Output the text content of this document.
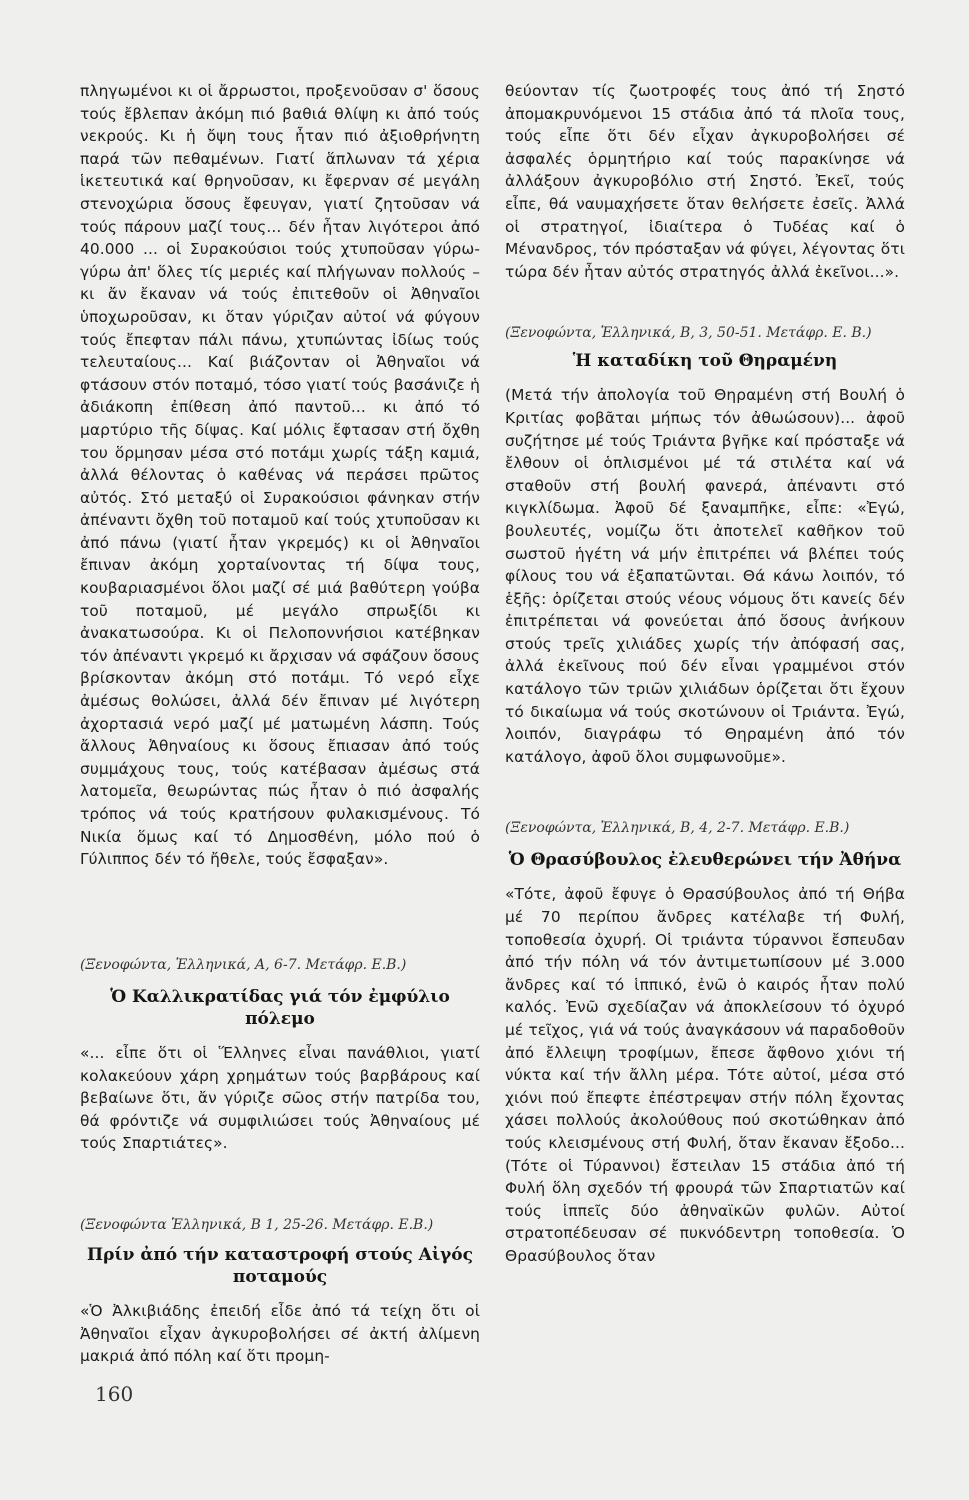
πληγωμένοι κι οἱ ἄρρωστοι, προξενοῦσαν σ' ὅσους τούς ἔβλεπαν ἀκόμη πιό βαθιά θλίψη κι ἀπό τούς νεκρούς. Κι ἡ ὄψη τους ἦταν πιό ἀξιοθρήνητη παρά τῶν πεθαμένων. Γιατί ἅπλωναν τά χέρια ἱκετευτικά καί θρηνοῦσαν, κι ἔφερναν σέ μεγάλη στενοχώρια ὅσους ἔφευγαν, γιατί ζητοῦσαν νά τούς πάρουν μαζί τους... δέν ἦταν λιγότεροι ἀπό 40.000 ... οἱ Συρακούσιοι τούς χτυποῦσαν γύρω-γύρω ἀπ' ὅλες τίς μεριές καί πλήγωναν πολλούς – κι ἄν ἔκαναν νά τούς ἐπιτεθοῦν οἱ Ἀθηναῖοι ὑποχωροῦσαν, κι ὅταν γύριζαν αὐτοί νά φύγουν τούς ἔπεφταν πάλι πάνω, χτυπώντας ἰδίως τούς τελευταίους... Καί βιάζονταν οἱ Ἀθηναῖοι νά φτάσουν στόν ποταμό, τόσο γιατί τούς βασάνιζε ἡ ἀδιάκοπη ἐπίθεση ἀπό παντοῦ... κι ἀπό τό μαρτύριο τῆς δίψας. Καί μόλις ἔφτασαν στή ὄχθη του ὅρμησαν μέσα στό ποτάμι χωρίς τάξη καμιά, ἀλλά θέλοντας ὁ καθένας νά περάσει πρῶτος αὐτός. Στό μεταξύ οἱ Συρακούσιοι φάνηκαν στήν ἀπέναντι ὄχθη τοῦ ποταμοῦ καί τούς χτυποῦσαν κι ἀπό πάνω (γιατί ἦταν γκρεμός) κι οἱ Ἀθηναῖοι ἔπιναν ἀκόμη χορταίνοντας τή δίψα τους, κουβαριασμένοι ὅλοι μαζί σέ μιά βαθύτερη γούβα τοῦ ποταμοῦ, μέ μεγάλο σπρωξίδι κι ἀνακατωσούρα. Κι οἱ Πελοποννήσιοι κατέβηκαν τόν ἀπέναντι γκρεμό κι ἄρχισαν νά σφάζουν ὅσους βρίσκονταν ἀκόμη στό ποτάμι. Τό νερό εἶχε ἀμέσως θολώσει, ἀλλά δέν ἔπιναν μέ λιγότερη ἀχορτασιά νερό μαζί μέ ματωμένη λάσπη. Τούς ἄλλους Ἀθηναίους κι ὅσους ἔπιασαν ἀπό τούς συμμάχους τους, τούς κατέβασαν ἀμέσως στά λατομεῖα, θεωρώντας πώς ἦταν ὁ πιό ἀσφαλής τρόπος νά τούς κρατήσουν φυλακισμένους. Τό Νικία ὅμως καί τό Δημοσθένη, μόλο πού ὁ Γύλιππος δέν τό ἤθελε, τούς ἔσφαξαν».

(Ξενοφώντα, Ἑλληνικά, Α, 6-7. Μετάφρ. Ε.Β.)

Ὁ Καλλικρατίδας γιά τόν ἐμφύλιο πόλεμο

«... εἶπε ὅτι οἱ Ἕλληνες εἶναι πανάθλιοι, γιατί κολακεύουν χάρη χρημάτων τούς βαρβάρους καί βεβαίωνε ὅτι, ἄν γύριζε σῶος στήν πατρίδα του, θά φρόντιζε νά συμφιλιώσει τούς Ἀθηναίους μέ τούς Σπαρτιάτες».

(Ξενοφώντα Ἑλληνικά, Β 1, 25-26. Μετάφρ. Ε.Β.)

Πρίν ἀπό τήν καταστροφή στούς Αἰγός ποταμούς

«Ὁ Ἀλκιβιάδης ἐπειδή εἶδε ἀπό τά τείχη ὅτι οἱ Ἀθηναῖοι εἶχαν ἀγκυροβολήσει σέ ἀκτή ἀλίμενη μακριά ἀπό πόλη καί ὅτι προμη-

θεύονταν τίς ζωοτροφές τους ἀπό τή Σηστό ἀπομακρυνόμενοι 15 στάδια ἀπό τά πλοῖα τους, τούς εἶπε ὅτι δέν εἶχαν ἀγκυροβολήσει σέ ἀσφαλές ὁρμητήριο καί τούς παρακίνησε νά ἀλλάξουν ἀγκυροβόλιο στή Σηστό. Ἐκεῖ, τούς εἶπε, θά ναυμαχήσετε ὅταν θελήσετε ἐσεῖς. Ἀλλά οἱ στρατηγοί, ἰδιαίτερα ὁ Τυδέας καί ὁ Μένανδρος, τόν πρόσταξαν νά φύγει, λέγοντας ὅτι τώρα δέν ἦταν αὐτός στρατηγός ἀλλά ἐκεῖνοι...».

(Ξενοφώντα, Ἑλληνικά, Β, 3, 50-51. Μετάφρ. Ε. Β.)

Ἡ καταδίκη τοῦ Θηραμένη

(Μετά τήν ἀπολογία τοῦ Θηραμένη στή Βουλή ὁ Κριτίας φοβᾶται μήπως τόν ἀθωώσουν)... ἀφοῦ συζήτησε μέ τούς Τριάντα βγῆκε καί πρόσταξε νά ἔλθουν οἱ ὁπλισμένοι μέ τά στιλέτα καί νά σταθοῦν στή βουλή φανερά, ἀπέναντι στό κιγκλίδωμα. Ἀφοῦ δέ ξαναμπῆκε, εἶπε: «Ἐγώ, βουλευτές, νομίζω ὅτι ἀποτελεῖ καθῆκον τοῦ σωστοῦ ἡγέτη νά μήν ἐπιτρέπει νά βλέπει τούς φίλους του νά ἐξαπατῶνται. Θά κάνω λοιπόν, τό ἑξῆς: ὁρίζεται στούς νέους νόμους ὅτι κανείς δέν ἐπιτρέπεται νά φονεύεται ἀπό ὅσους ἀνήκουν στούς τρεῖς χιλιάδες χωρίς τήν ἀπόφασή σας, ἀλλά ἐκεῖνους πού δέν εἶναι γραμμένοι στόν κατάλογο τῶν τριῶν χιλιάδων ὁρίζεται ὅτι ἔχουν τό δικαίωμα νά τούς σκοτώνουν οἱ Τριάντα. Ἐγώ, λοιπόν, διαγράφω τό Θηραμένη ἀπό τόν κατάλογο, ἀφοῦ ὅλοι συμφωνοῦμε».

(Ξενοφώντα, Ἑλληνικά, Β, 4, 2-7. Μετάφρ. Ε.Β.)

Ὁ Θρασύβουλος ἐλευθερώνει τήν Ἀθήνα

«Τότε, ἀφοῦ ἔφυγε ὁ Θρασύβουλος ἀπό τή Θήβα μέ 70 περίπου ἄνδρες κατέλαβε τή Φυλή, τοποθεσία ὀχυρή. Οἱ τριάντα τύραννοι ἔσπευδαν ἀπό τήν πόλη νά τόν ἀντιμετωπίσουν μέ 3.000 ἄνδρες καί τό ἱππικό, ἐνῶ ὁ καιρός ἦταν πολύ καλός. Ἐνῶ σχεδίαζαν νά ἀποκλείσουν τό ὀχυρό μέ τεῖχος, γιά νά τούς ἀναγκάσουν νά παραδοθοῦν ἀπό ἔλλειψη τροφίμων, ἔπεσε ἄφθονο χιόνι τή νύκτα καί τήν ἄλλη μέρα. Τότε αὐτοί, μέσα στό χιόνι πού ἔπεφτε ἐπέστρεψαν στήν πόλη ἔχοντας χάσει πολλούς ἀκολούθους πού σκοτώθηκαν ἀπό τούς κλεισμένους στή Φυλή, ὅταν ἔκαναν ἔξοδο... (Τότε οἱ Τύραννοι) ἔστειλαν 15 στάδια ἀπό τή Φυλή ὅλη σχεδόν τή φρουρά τῶν Σπαρτιατῶν καί τούς ἱππεῖς δύο ἀθηναϊκῶν φυλῶν. Αὐτοί στρατοπέδευσαν σέ πυκνόδεντρη τοποθεσία. Ὁ Θρασύβουλος ὅταν

160
